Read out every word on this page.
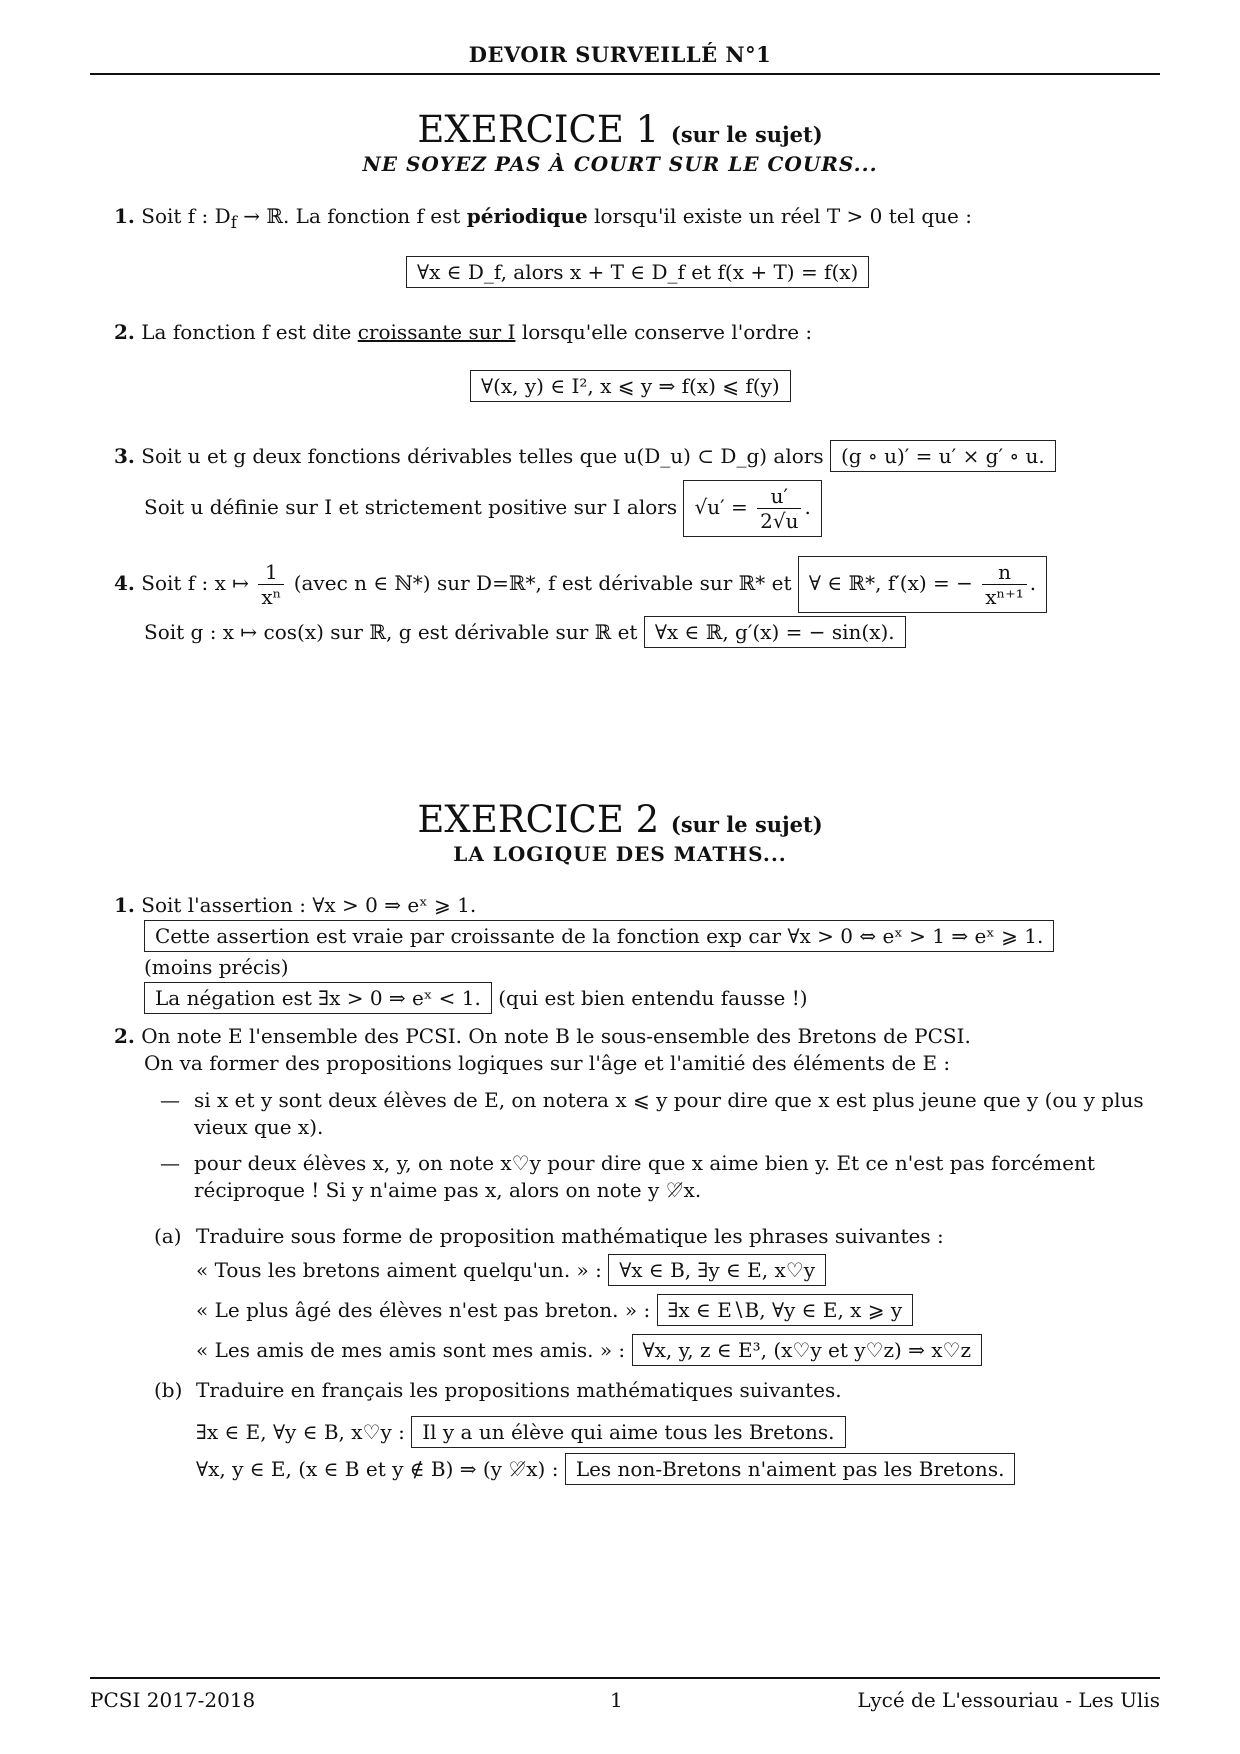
DEVOIR SURVEILLÉ N°1
EXERCICE 1 (sur le sujet)
NE SOYEZ PAS À COURT SUR LE COURS...
1. Soit f : $D_f$ → ℝ. La fonction f est périodique lorsqu'il existe un réel T > 0 tel que :
∀x ∈ D_f, alors x + T ∈ D_f et f(x + T) = f(x)
2. La fonction f est dite croissante sur I lorsqu'elle conserve l'ordre :
∀(x, y) ∈ I², x ⩽ y ⇒ f(x) ⩽ f(y)
3. Soit u et g deux fonctions dérivables telles que u(D_u) ⊂ D_g) alors (g ∘ u)′ = u′ × g′ ∘ u.
Soit u définie sur I et strictement positive sur I alors $√u' = \frac{u'}{2√u}$ .
4. Soit f : x ↦ $\frac{1}{\text{xⁿ}}$ (avec n ∈ ℕ*) sur D=ℝ*, f est dérivable sur ℝ* et ∀ ∈ ℝ*, f′(x) = − $\frac{n}{\text{xⁿ⁺¹}}$ .
Soit g : x ↦ cos(x) sur ℝ, g est dérivable sur ℝ et ∀x ∈ ℝ, g′(x) = − sin(x).
EXERCICE 2 (sur le sujet)
LA LOGIQUE DES MATHS...
1. Soit l'assertion : ∀x > 0 ⇒ eˣ ⩾ 1.
Cette assertion est vraie par croissante de la fonction exp car ∀x > 0 ⇔ eˣ > 1 ⇒ eˣ ⩾ 1.
(moins précis)
La négation est ∃x > 0 ⇒ eˣ < 1. (qui est bien entendu fausse !)
2. On note E l'ensemble des PCSI. On note B le sous-ensemble des Bretons de PCSI.
On va former des propositions logiques sur l'âge et l'amitié des éléments de E :
— si x et y sont deux élèves de E, on notera x ⩽ y pour dire que x est plus jeune que y (ou y plus
vieux que x).
— pour deux élèves x, y, on note x♡y pour dire que x aime bien y. Et ce n'est pas forcément
réciproque ! Si y n'aime pas x, alors on note y ♡̸x.
(a) Traduire sous forme de proposition mathématique les phrases suivantes :
« Tous les bretons aiment quelqu'un. » : ∀x ∈ B, ∃y ∈ E, x♡y
« Le plus âgé des élèves n'est pas breton. » : ∃x ∈ E∖B, ∀y ∈ E, x ⩾ y
« Les amis de mes amis sont mes amis. » : ∀x, y, z ∈ E³, (x♡y et y♡z) ⇒ x♡z
(b) Traduire en français les propositions mathématiques suivantes.
∃x ∈ E, ∀y ∈ B, x♡y : Il y a un élève qui aime tous les Bretons.
∀x, y ∈ E, (x ∈ B et y ∉ B) ⇒ (y ♡̸x) : Les non-Bretons n'aiment pas les Bretons.
PCSI 2017-2018	1	Lycé de L'essouriau - Les Ulis
